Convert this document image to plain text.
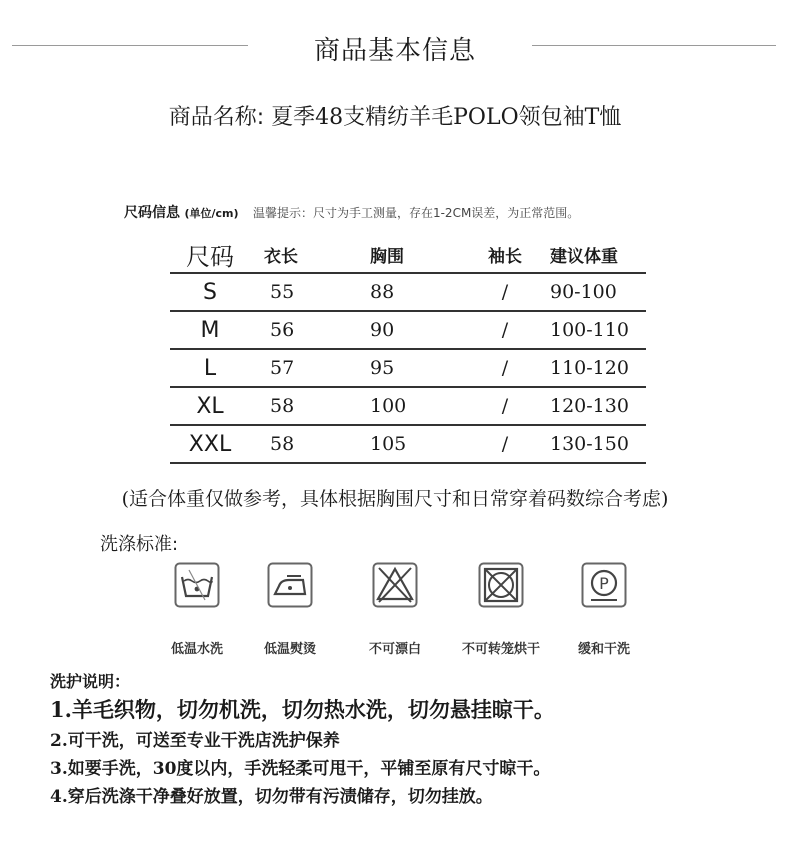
商品基本信息
商品名称: 夏季48支精纺羊毛POLO领包袖T恤
尺码信息 (单位/cm) 温馨提示：尺寸为手工测量，存在1-2CM误差，为正常范围。
尺码	衣长	胸围	袖长	建议体重
S	55	88	/	90-100
M	56	90	/	100-110
L	57	95	/	110-120
XL	58	100	/	120-130
XXL	58	105	/	130-150
(适合体重仅做参考，具体根据胸围尺寸和日常穿着码数综合考虑)
洗涤标准:
P
低温水洗	低温熨烫	不可漂白	不可转笼烘干	缓和干洗
洗护说明：
1.羊毛织物，切勿机洗，切勿热水洗，切勿悬挂晾干。
2.可干洗，可送至专业干洗店洗护保养
3.如要手洗，30度以内，手洗轻柔可甩干，平铺至原有尺寸晾干。
4.穿后洗涤干净叠好放置，切勿带有污渍储存，切勿挂放。
